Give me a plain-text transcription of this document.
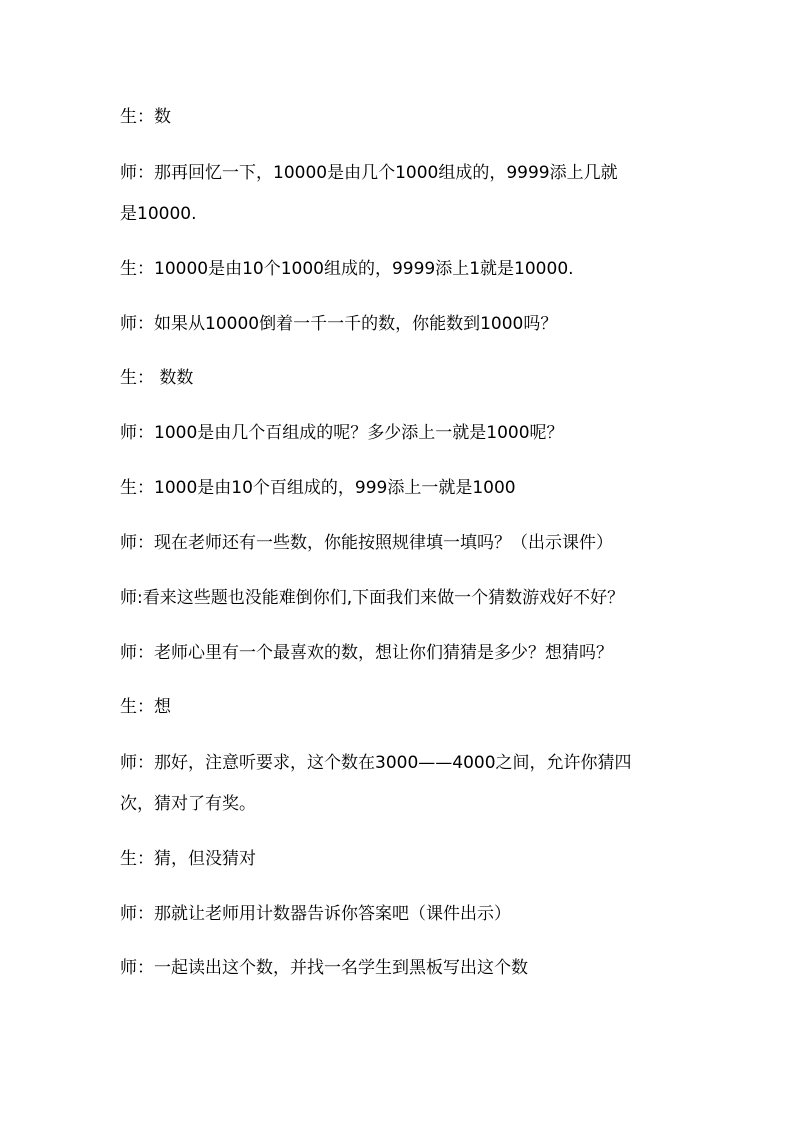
生：数
师：那再回忆一下，10000是由几个1000组成的，9999添上几就
是10000.
生：10000是由10个1000组成的，9999添上1就是10000.
师：如果从10000倒着一千一千的数，你能数到1000吗？
生： 数数
师：1000是由几个百组成的呢？多少添上一就是1000呢？
生：1000是由10个百组成的，999添上一就是1000
师：现在老师还有一些数，你能按照规律填一填吗？（出示课件）
师:看来这些题也没能难倒你们,下面我们来做一个猜数游戏好不好？
师：老师心里有一个最喜欢的数，想让你们猜猜是多少？想猜吗？
生：想
师：那好，注意听要求，这个数在3000——4000之间，允许你猜四
次，猜对了有奖。
生：猜，但没猜对
师：那就让老师用计数器告诉你答案吧（课件出示）
师：一起读出这个数，并找一名学生到黑板写出这个数
